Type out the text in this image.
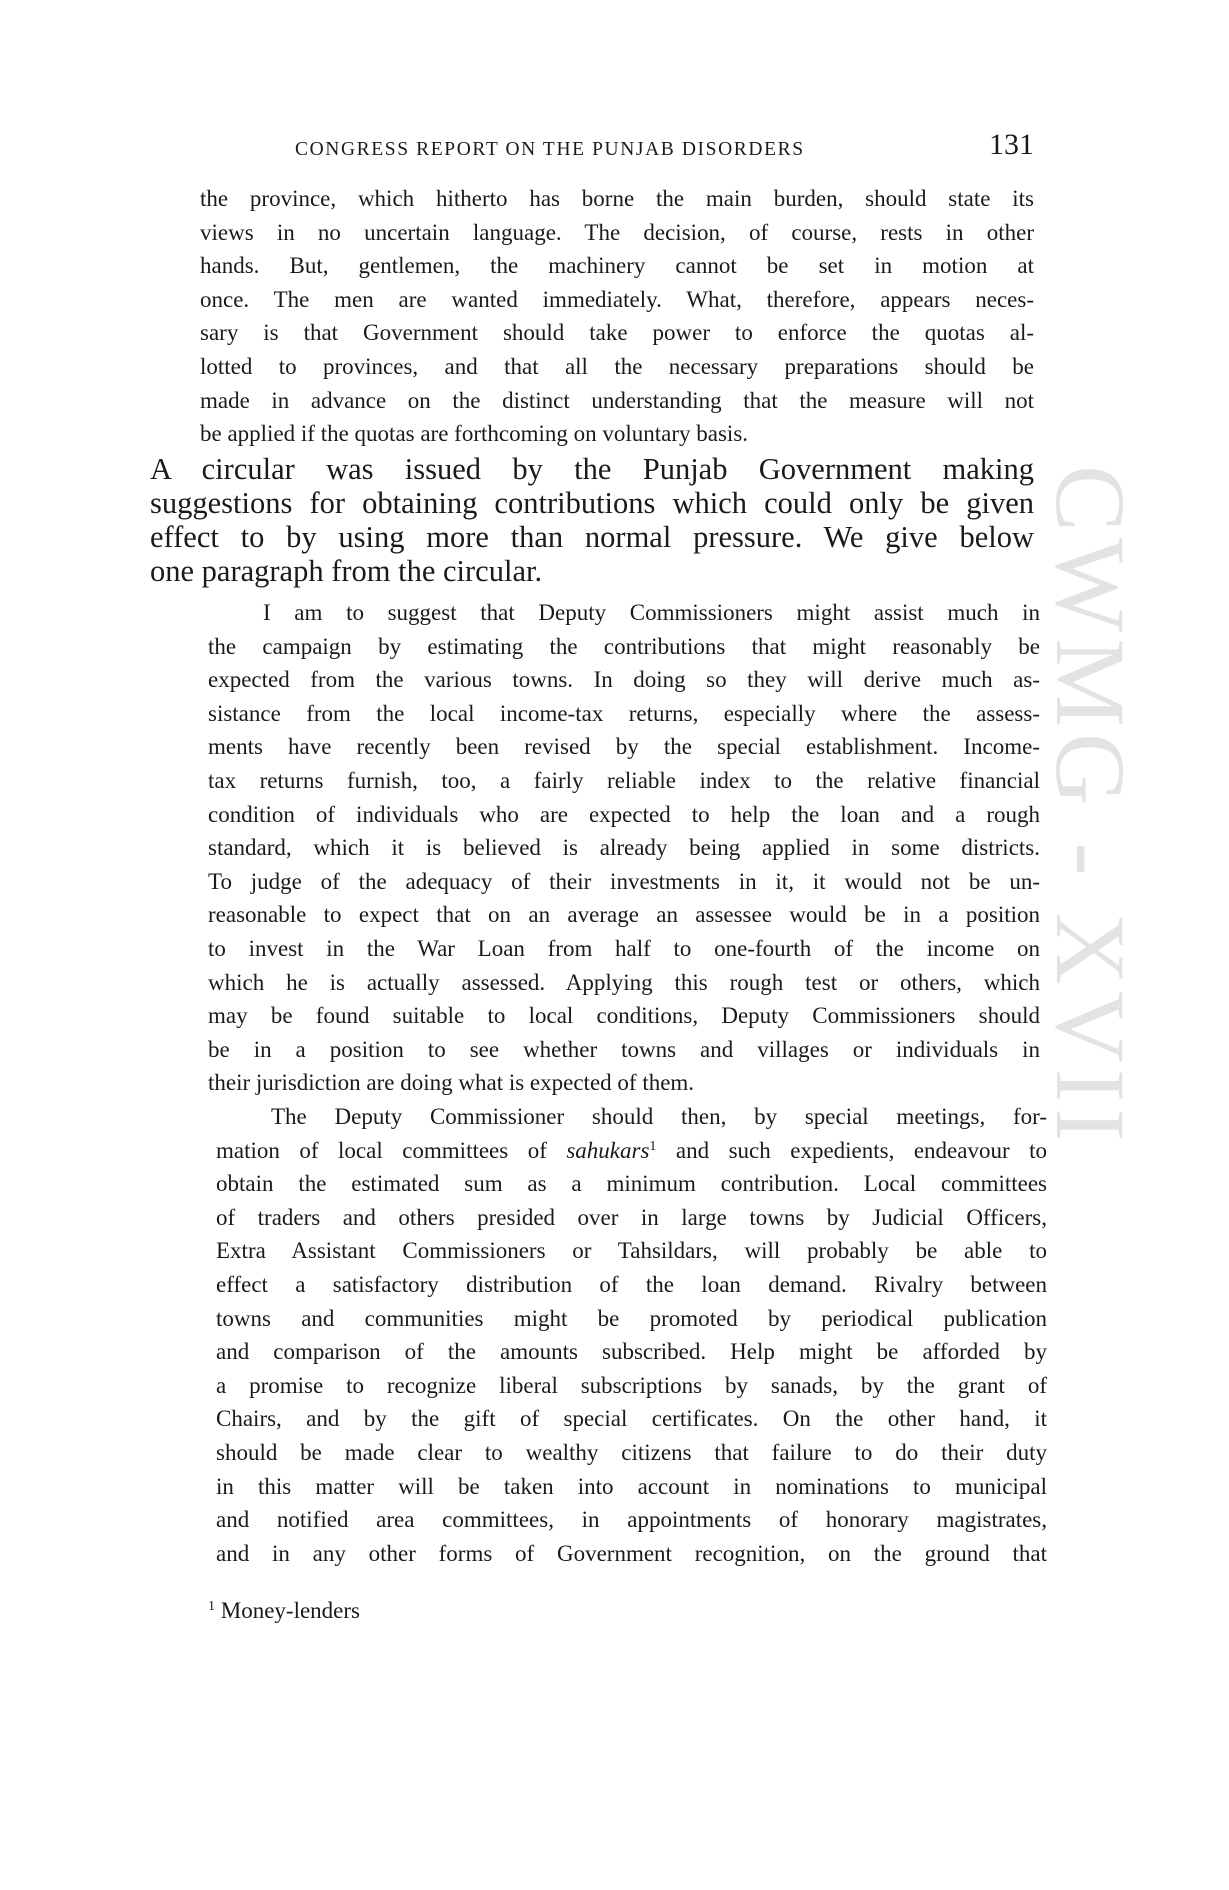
CWMG - XVII
CONGRESS REPORT ON THE PUNJAB DISORDERS	131

the province, which hitherto has borne the main burden, should state its
views in no uncertain language. The decision, of course, rests in other
hands. But, gentlemen, the machinery cannot be set in motion at
once. The men are wanted immediately. What, therefore, appears neces-
sary is that Government should take power to enforce the quotas al-
lotted to provinces, and that all the necessary preparations should be
made in advance on the distinct understanding that the measure will not
be applied if the quotas are forthcoming on voluntary basis.

A circular was issued by the Punjab Government making
suggestions for obtaining contributions which could only be given
effect to by using more than normal pressure. We give below
one paragraph from the circular.

I am to suggest that Deputy Commissioners might assist much in
the campaign by estimating the contributions that might reasonably be
expected from the various towns. In doing so they will derive much as-
sistance from the local income-tax returns, especially where the assess-
ments have recently been revised by the special establishment. Income-
tax returns furnish, too, a fairly reliable index to the relative financial
condition of individuals who are expected to help the loan and a rough
standard, which it is believed is already being applied in some districts.
To judge of the adequacy of their investments in it, it would not be un-
reasonable to expect that on an average an assessee would be in a position
to invest in the War Loan from half to one-fourth of the income on
which he is actually assessed. Applying this rough test or others, which
may be found suitable to local conditions, Deputy Commissioners should
be in a position to see whether towns and villages or individuals in
their jurisdiction are doing what is expected of them.

The Deputy Commissioner should then, by special meetings, for-
mation of local committees of sahukars$^1$ and such expedients, endeavour to
obtain the estimated sum as a minimum contribution. Local committees
of traders and others presided over in large towns by Judicial Officers,
Extra Assistant Commissioners or Tahsildars, will probably be able to
effect a satisfactory distribution of the loan demand. Rivalry between
towns and communities might be promoted by periodical publication
and comparison of the amounts subscribed. Help might be afforded by
a promise to recognize liberal subscriptions by sanads, by the grant of
Chairs, and by the gift of special certificates. On the other hand, it
should be made clear to wealthy citizens that failure to do their duty
in this matter will be taken into account in nominations to municipal
and notified area committees, in appointments of honorary magistrates,
and in any other forms of Government recognition, on the ground that

$^1$ Money-lenders
